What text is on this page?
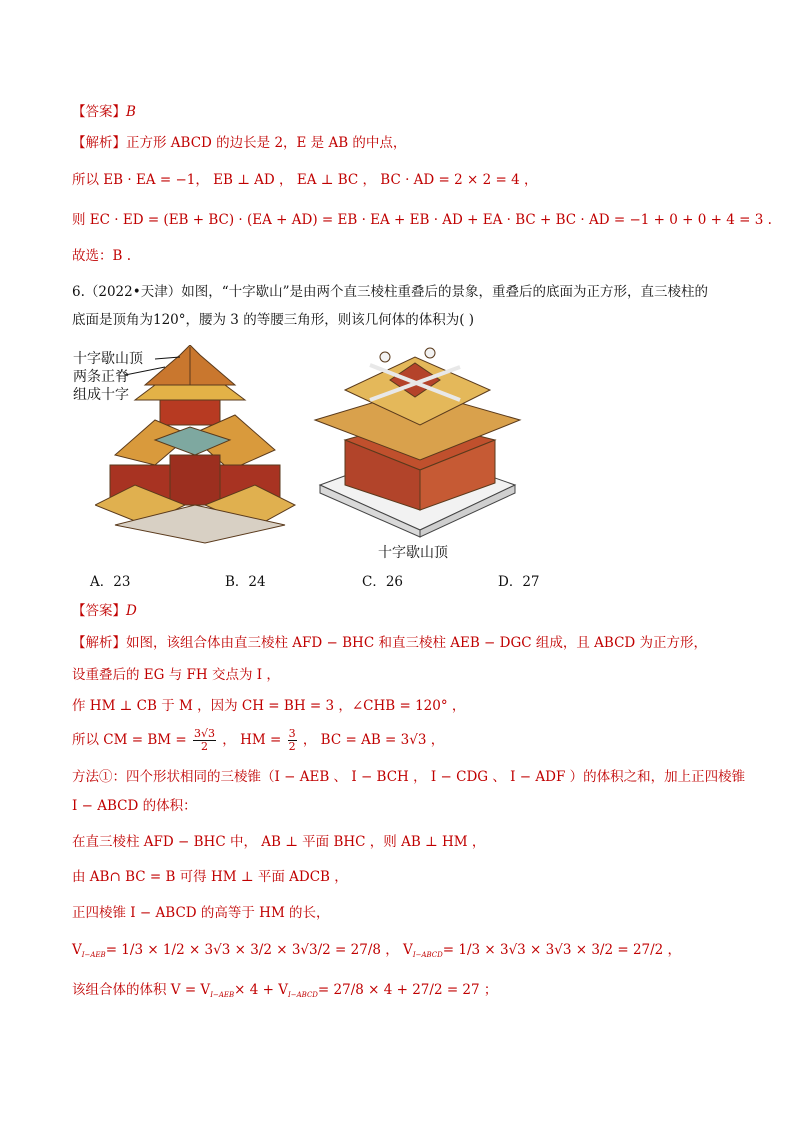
【答案】B
【解析】正方形 ABCD 的边长是 2，E 是 AB 的中点，
所以 EB · EA = −1， EB ⊥ AD ， EA ⊥ BC ， BC · AD = 2 × 2 = 4 ，
则 EC · ED = (EB + BC) · (EA + AD) = EB · EA + EB · AD + EA · BC + BC · AD = −1 + 0 + 0 + 4 = 3 .
故选：B .
6.（2022•天津）如图，“十字歇山”是由两个直三棱柱重叠后的景象，重叠后的底面为正方形，直三棱柱的
底面是顶角为120°，腰为 3 的等腰三角形，则该几何体的体积为( )
十字歇山顶
两条正脊
组成十字
十字歇山顶
A．23	B．24	C．26	D．27
【答案】D
【解析】如图，该组合体由直三棱柱 AFD − BHC 和直三棱柱 AEB − DGC 组成，且 ABCD 为正方形，
设重叠后的 EG 与 FH 交点为 I ，
作 HM ⊥ CB 于 M ，因为 CH = BH = 3 ，∠CHB = 120° ，
所以 CM = BM = $\frac{3√3}{2}$ ， HM = $\frac{3}{2}$ ， BC = AB = 3√3 ，
方法①：四个形状相同的三棱锥（I − AEB 、 I − BCH ， I − CDG 、 I − ADF ）的体积之和，加上正四棱锥
I − ABCD 的体积：
在直三棱柱 AFD − BHC 中， AB ⊥ 平面 BHC ，则 AB ⊥ HM ，
由 AB∩ BC = B 可得 HM ⊥ 平面 ADCB ，
正四棱锥 I − ABCD 的高等于 HM 的长，
$V_{I-AEB}= 1/3 \times 1/2 \times 3√3 \times 3/2 \times 3√3/2 = 27/8$ ， $V_{I-ABCD}= 1/3 \times 3√3 \times 3√3 \times 3/2 = 27/2$ ，
该组合体的体积 $V = V_{I-AEB}\times 4 + V_{I-ABCD}= 27/8 \times 4 + 27/2 = 27$ ；
